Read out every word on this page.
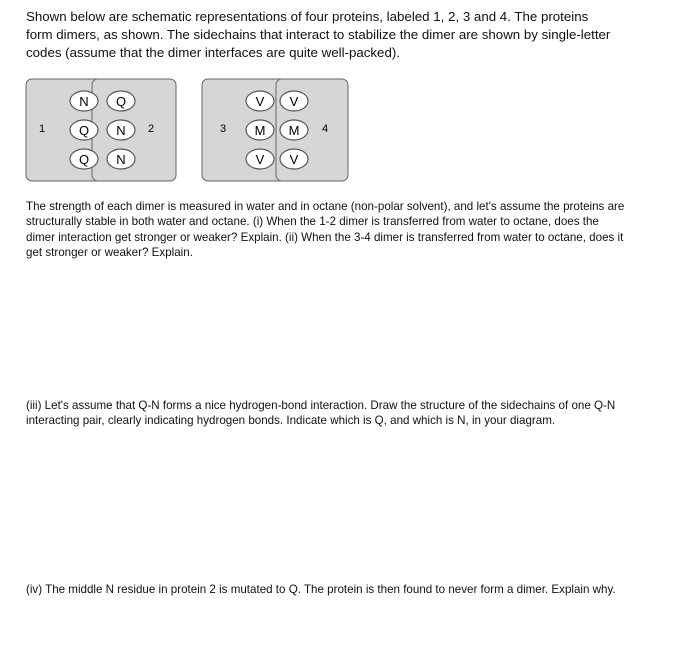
Shown below are schematic representations of four proteins, labeled 1, 2, 3 and 4. The proteins form dimers, as shown. The sidechains that interact to stabilize the dimer are shown by single-letter codes (assume that the dimer interfaces are quite well-packed).

1	2
N Q
Q N
Q N
3	4
V V
M M
V V

The strength of each dimer is measured in water and in octane (non-polar solvent), and let's assume the proteins are structurally stable in both water and octane. (i) When the 1-2 dimer is transferred from water to octane, does the dimer interaction get stronger or weaker? Explain. (ii) When the 3-4 dimer is transferred from water to octane, does it get stronger or weaker? Explain.

(iii) Let's assume that Q-N forms a nice hydrogen-bond interaction. Draw the structure of the sidechains of one Q-N interacting pair, clearly indicating hydrogen bonds. Indicate which is Q, and which is N, in your diagram.

(iv) The middle N residue in protein 2 is mutated to Q. The protein is then found to never form a dimer. Explain why.
